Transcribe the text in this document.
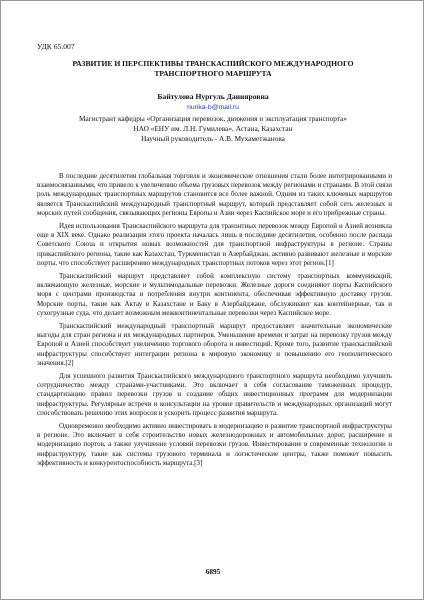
УДК 65.007
РАЗВИТИЕ И ПЕРСПЕКТИВЫ ТРАНСКАСПИЙСКОГО МЕЖДУНАРОДНОГО ТРАНСПОРТНОГО МАРШРУТА
Байтулова Нургуль Данияровна
nurika-b@mail.ru
Магистрант кафедры «Организация перевозок, движения и эксплуатация транспорта»
НАО «ЕНУ им. Л.Н. Гумилева», Астана, Казахстан
Научный руководитель - А.В. Мухаметжанова

В последние десятилетия глобальная торговля и экономические отношения стали более интегрированными и взаимосвязанными, что привело к увеличению объема грузовых перевозок между регионами и странами. В этой связи роль международных транспортных маршрутов становится все более важной. Одним из таких ключевых маршрутов является Транскаспийский международный транспортный маршрут, который представляет собой сеть железных и морских путей сообщения, связывающих регионы Европы и Азии через Каспийское море и его прибрежные страны.

Идея использования Транскаспийского маршрута для транзитных перевозок между Европой и Азией возникла еще в XIX веке. Однако реализация этого проекта началась лишь в последние десятилетия, особенно после распада Советского Союза и открытия новых возможностей для транспортной инфраструктуры в регионе. Страны прикаспийского региона, такие как Казахстан, Туркменистан и Азербайджан, активно развивают железные и морские порты, что способствует расширению международных транспортных потоков через этот регион.[1]

Транскаспийский маршрут представляет собой комплексную систему транспортных коммуникаций, включающую железные, морские и мультимодальные перевозки. Железные дороги соединяют порты Каспийского моря с центрами производства и потребления внутри континента, обеспечивая эффективную доставку грузов. Морские порты, такие как Актау в Казахстане и Баку в Азербайджане, обслуживают как контейнерные, так и сухогрузные суда, что делает возможным межконтинентальные перевозки через Каспийское море.

Транскаспийский международный транспортный маршрут предоставляет значительные экономические выгоды для стран региона и их международных партнеров. Уменьшение времени и затрат на перевозку грузов между Европой и Азией способствует увеличению торгового оборота и инвестиций. Кроме того, развитие транскаспийской инфраструктуры способствует интеграции региона в мировую экономику и повышению его геополитического значения.[2]

Для успешного развития Транскаспийского международного транспортного маршрута необходимо улучшить сотрудничество между странами-участниками. Это включает в себя согласование таможенных процедур, стандартизацию правил перевозки грузов и создание общих инвестиционных программ для модернизации инфраструктуры. Регулярные встречи и консультации на уровне правительств и международных организаций могут способствовать решению этих вопросов и ускорить процесс развития маршрута.

Одновременно необходимо активно инвестировать в модернизацию и развитие транспортной инфраструктуры в регионе. Это включает в себя строительство новых железнодорожных и автомобильных дорог, расширение и модернизацию портов, а также улучшение условий перевозки грузов. Инвестирование в современные технологии и инфраструктуру, такие как системы грузового терминала и логистические центры, также поможет повысить эффективность и конкурентоспособность маршрута.[3]

6895
